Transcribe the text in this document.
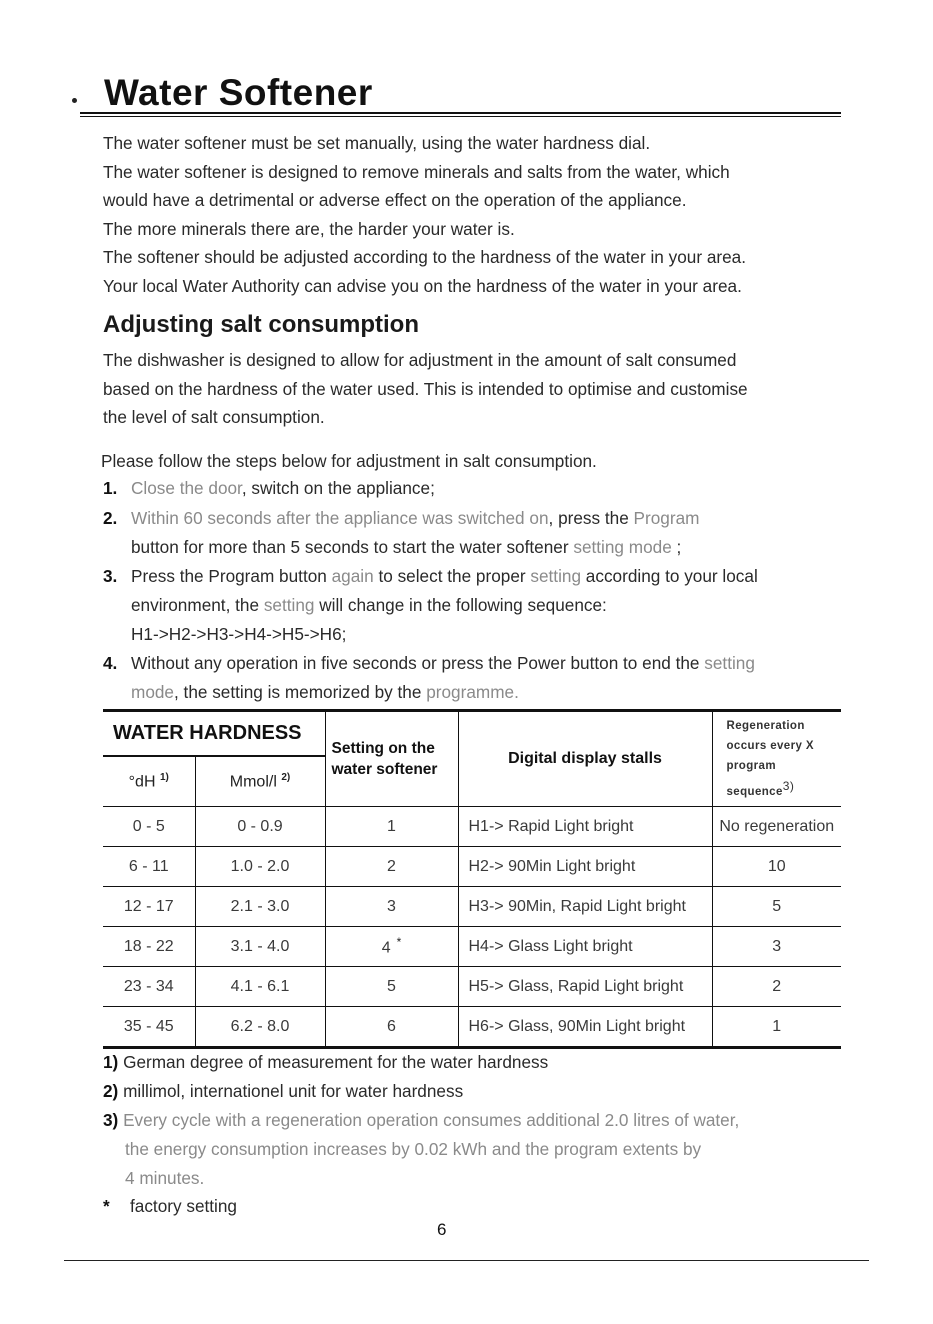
Water Softener
The water softener must be set manually, using the water hardness dial.
The water softener is designed to remove minerals and salts from the water, which
would have a detrimental or adverse effect on the operation of the appliance.
The more minerals there are, the harder your water is.
The softener should be adjusted according to the hardness of the water in your area.
Your local Water Authority can advise you on the hardness of the water in your area.
Adjusting salt consumption
The dishwasher is designed to allow for adjustment in the amount of salt consumed
based on the hardness of the water used. This is intended to optimise and customise
the level of salt consumption.
Please follow the steps below for adjustment in salt consumption.
1. Close the door, switch on the appliance;
2. Within 60 seconds after the appliance was switched on, press the Program
button for more than 5 seconds to start the water softener setting mode ;
3. Press the Program button again to select the proper setting according to your local
environment, the setting will change in the following sequence:
H1->H2->H3->H4->H5->H6;
4. Without any operation in five seconds or press the Power button to end the setting
mode, the setting is memorized by the programme.
WATER HARDNESS		Setting on the
water softener	Digital display stalls	Regeneration
occurs every X
program
sequence$^{3)}$
°dH $^{1)}$	Mmol/l $^{2)}$
0 - 5	0 - 0.9	1	H1-> Rapid Light bright	No regeneration
6 - 11	1.0 - 2.0	2	H2-> 90Min Light bright	10
12 - 17	2.1 - 3.0	3	H3-> 90Min, Rapid Light bright	5
18 - 22	3.1 - 4.0	4 *	H4-> Glass Light bright	3
23 - 34	4.1 - 6.1	5	H5-> Glass, Rapid Light bright	2
35 - 45	6.2 - 8.0	6	H6-> Glass, 90Min Light bright	1
1) German degree of measurement for the water hardness
2) millimol, internationel unit for water hardness
3) Every cycle with a regeneration operation consumes additional 2.0 litres of water,
the energy consumption increases by 0.02 kWh and the program extents by
4 minutes.
* factory setting
6
